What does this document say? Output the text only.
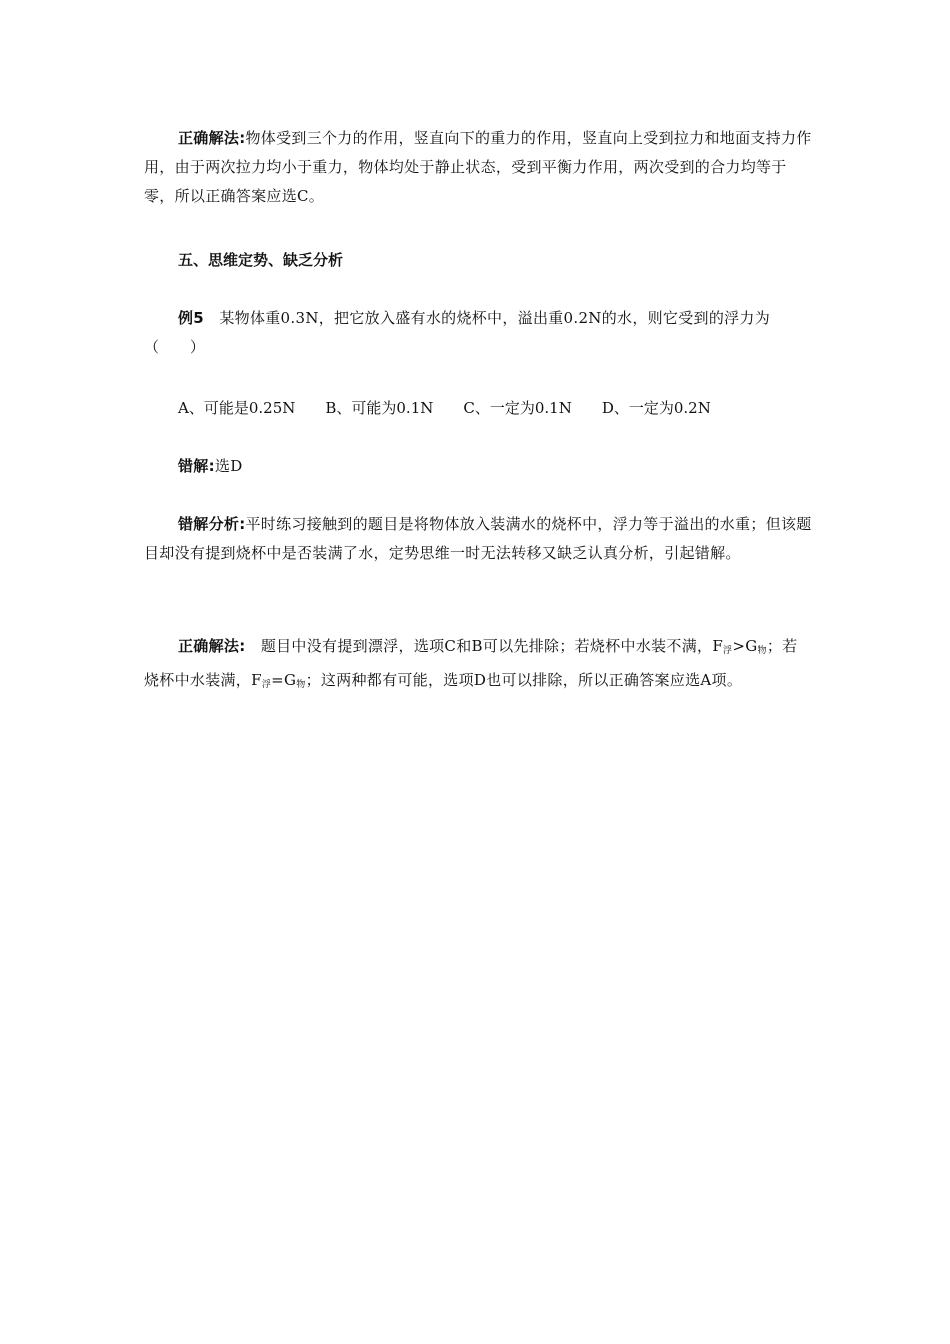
正确解法:物体受到三个力的作用，竖直向下的重力的作用，竖直向上受到拉力和地面支持力作用，由于两次拉力均小于重力，物体均处于静止状态，受到平衡力作用，两次受到的合力均等于零，所以正确答案应选C。

五、思维定势、缺乏分析

例5　 某物体重0.3N，把它放入盛有水的烧杯中，溢出重0.2N的水，则它受到的浮力为（　　）

A、可能是0.25N B、可能为0.1N C、一定为0.1N D、一定为0.2N

错解:选D

错解分析:平时练习接触到的题目是将物体放入装满水的烧杯中，浮力等于溢出的水重；但该题目却没有提到烧杯中是否装满了水，定势思维一时无法转移又缺乏认真分析，引起错解。

正确解法:　 题目中没有提到漂浮，选项C和B可以先排除；若烧杯中水装不满，$F_浮>G_物$；若烧杯中水装满，$F_浮=G_物$；这两种都有可能，选项D也可以排除，所以正确答案应选A项。
